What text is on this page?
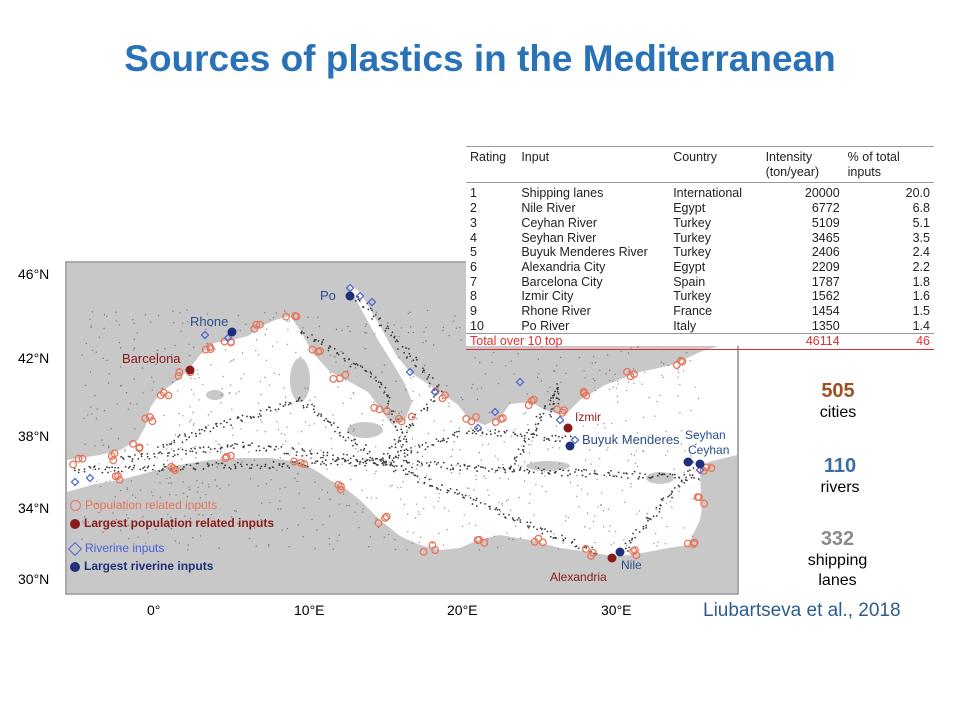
Sources of plastics in the Mediterranean
46°N
42°N
38°N
34°N
30°N
0°	10°E	20°E	30°E
Rhone
Po
Barcelona
Izmir
Buyuk Menderes Seyhan
Ceyhan
Nile
Alexandria
Population related inputs
Largest population related inputs
Riverine inputs
Largest riverine inputs
Rating	Input	Country	Intensity (ton/year)	% of total inputs
1	Shipping lanes	International	20000	20.0
2	Nile River	Egypt	6772	6.8
3	Ceyhan River	Turkey	5109	5.1
4	Seyhan River	Turkey	3465	3.5
5	Buyuk Menderes River	Turkey	2406	2.4
6	Alexandria City	Egypt	2209	2.2
7	Barcelona City	Spain	1787	1.8
8	Izmir City	Turkey	1562	1.6
9	Rhone River	France	1454	1.5
10	Po River	Italy	1350	1.4
Total over 10 top			46114	46
505
cities
110
rivers
332
shipping lanes
Liubartseva et al., 2018
